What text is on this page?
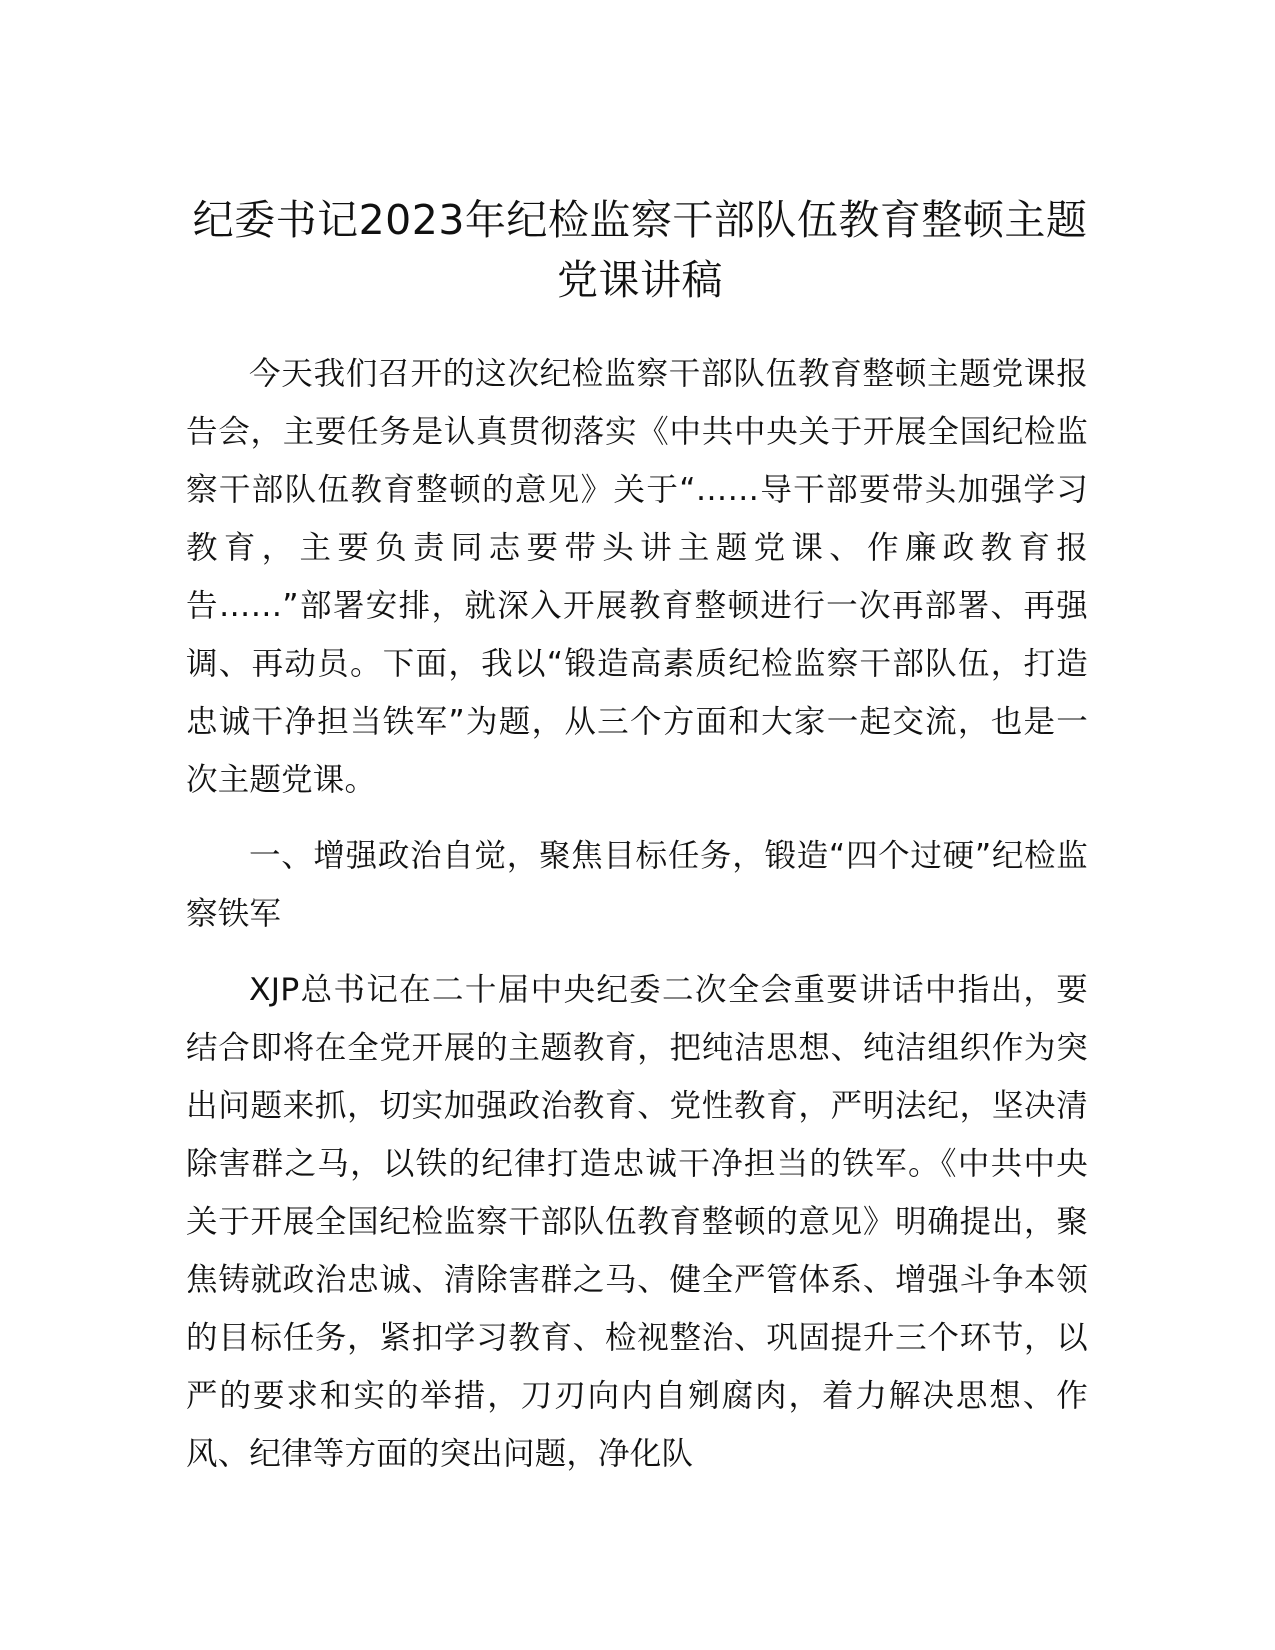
纪委书记2023年纪检监察干部队伍教育整顿主题党课讲稿

今天我们召开的这次纪检监察干部队伍教育整顿主题党课报告会，主要任务是认真贯彻落实《中共中央关于开展全国纪检监察干部队伍教育整顿的意见》关于“……导干部要带头加强学习教育，主要负责同志要带头讲主题党课、作廉政教育报告……”部署安排，就深入开展教育整顿进行一次再部署、再强调、再动员。下面，我以“锻造高素质纪检监察干部队伍，打造忠诚干净担当铁军”为题，从三个方面和大家一起交流，也是一次主题党课。

一、增强政治自觉，聚焦目标任务，锻造“四个过硬”纪检监察铁军

XJP总书记在二十届中央纪委二次全会重要讲话中指出，要结合即将在全党开展的主题教育，把纯洁思想、纯洁组织作为突出问题来抓，切实加强政治教育、党性教育，严明法纪，坚决清除害群之马，以铁的纪律打造忠诚干净担当的铁军。《中共中央关于开展全国纪检监察干部队伍教育整顿的意见》明确提出，聚焦铸就政治忠诚、清除害群之马、健全严管体系、增强斗争本领的目标任务，紧扣学习教育、检视整治、巩固提升三个环节，以严的要求和实的举措，刀刃向内自剜腐肉，着力解决思想、作风、纪律等方面的突出问题，净化队
